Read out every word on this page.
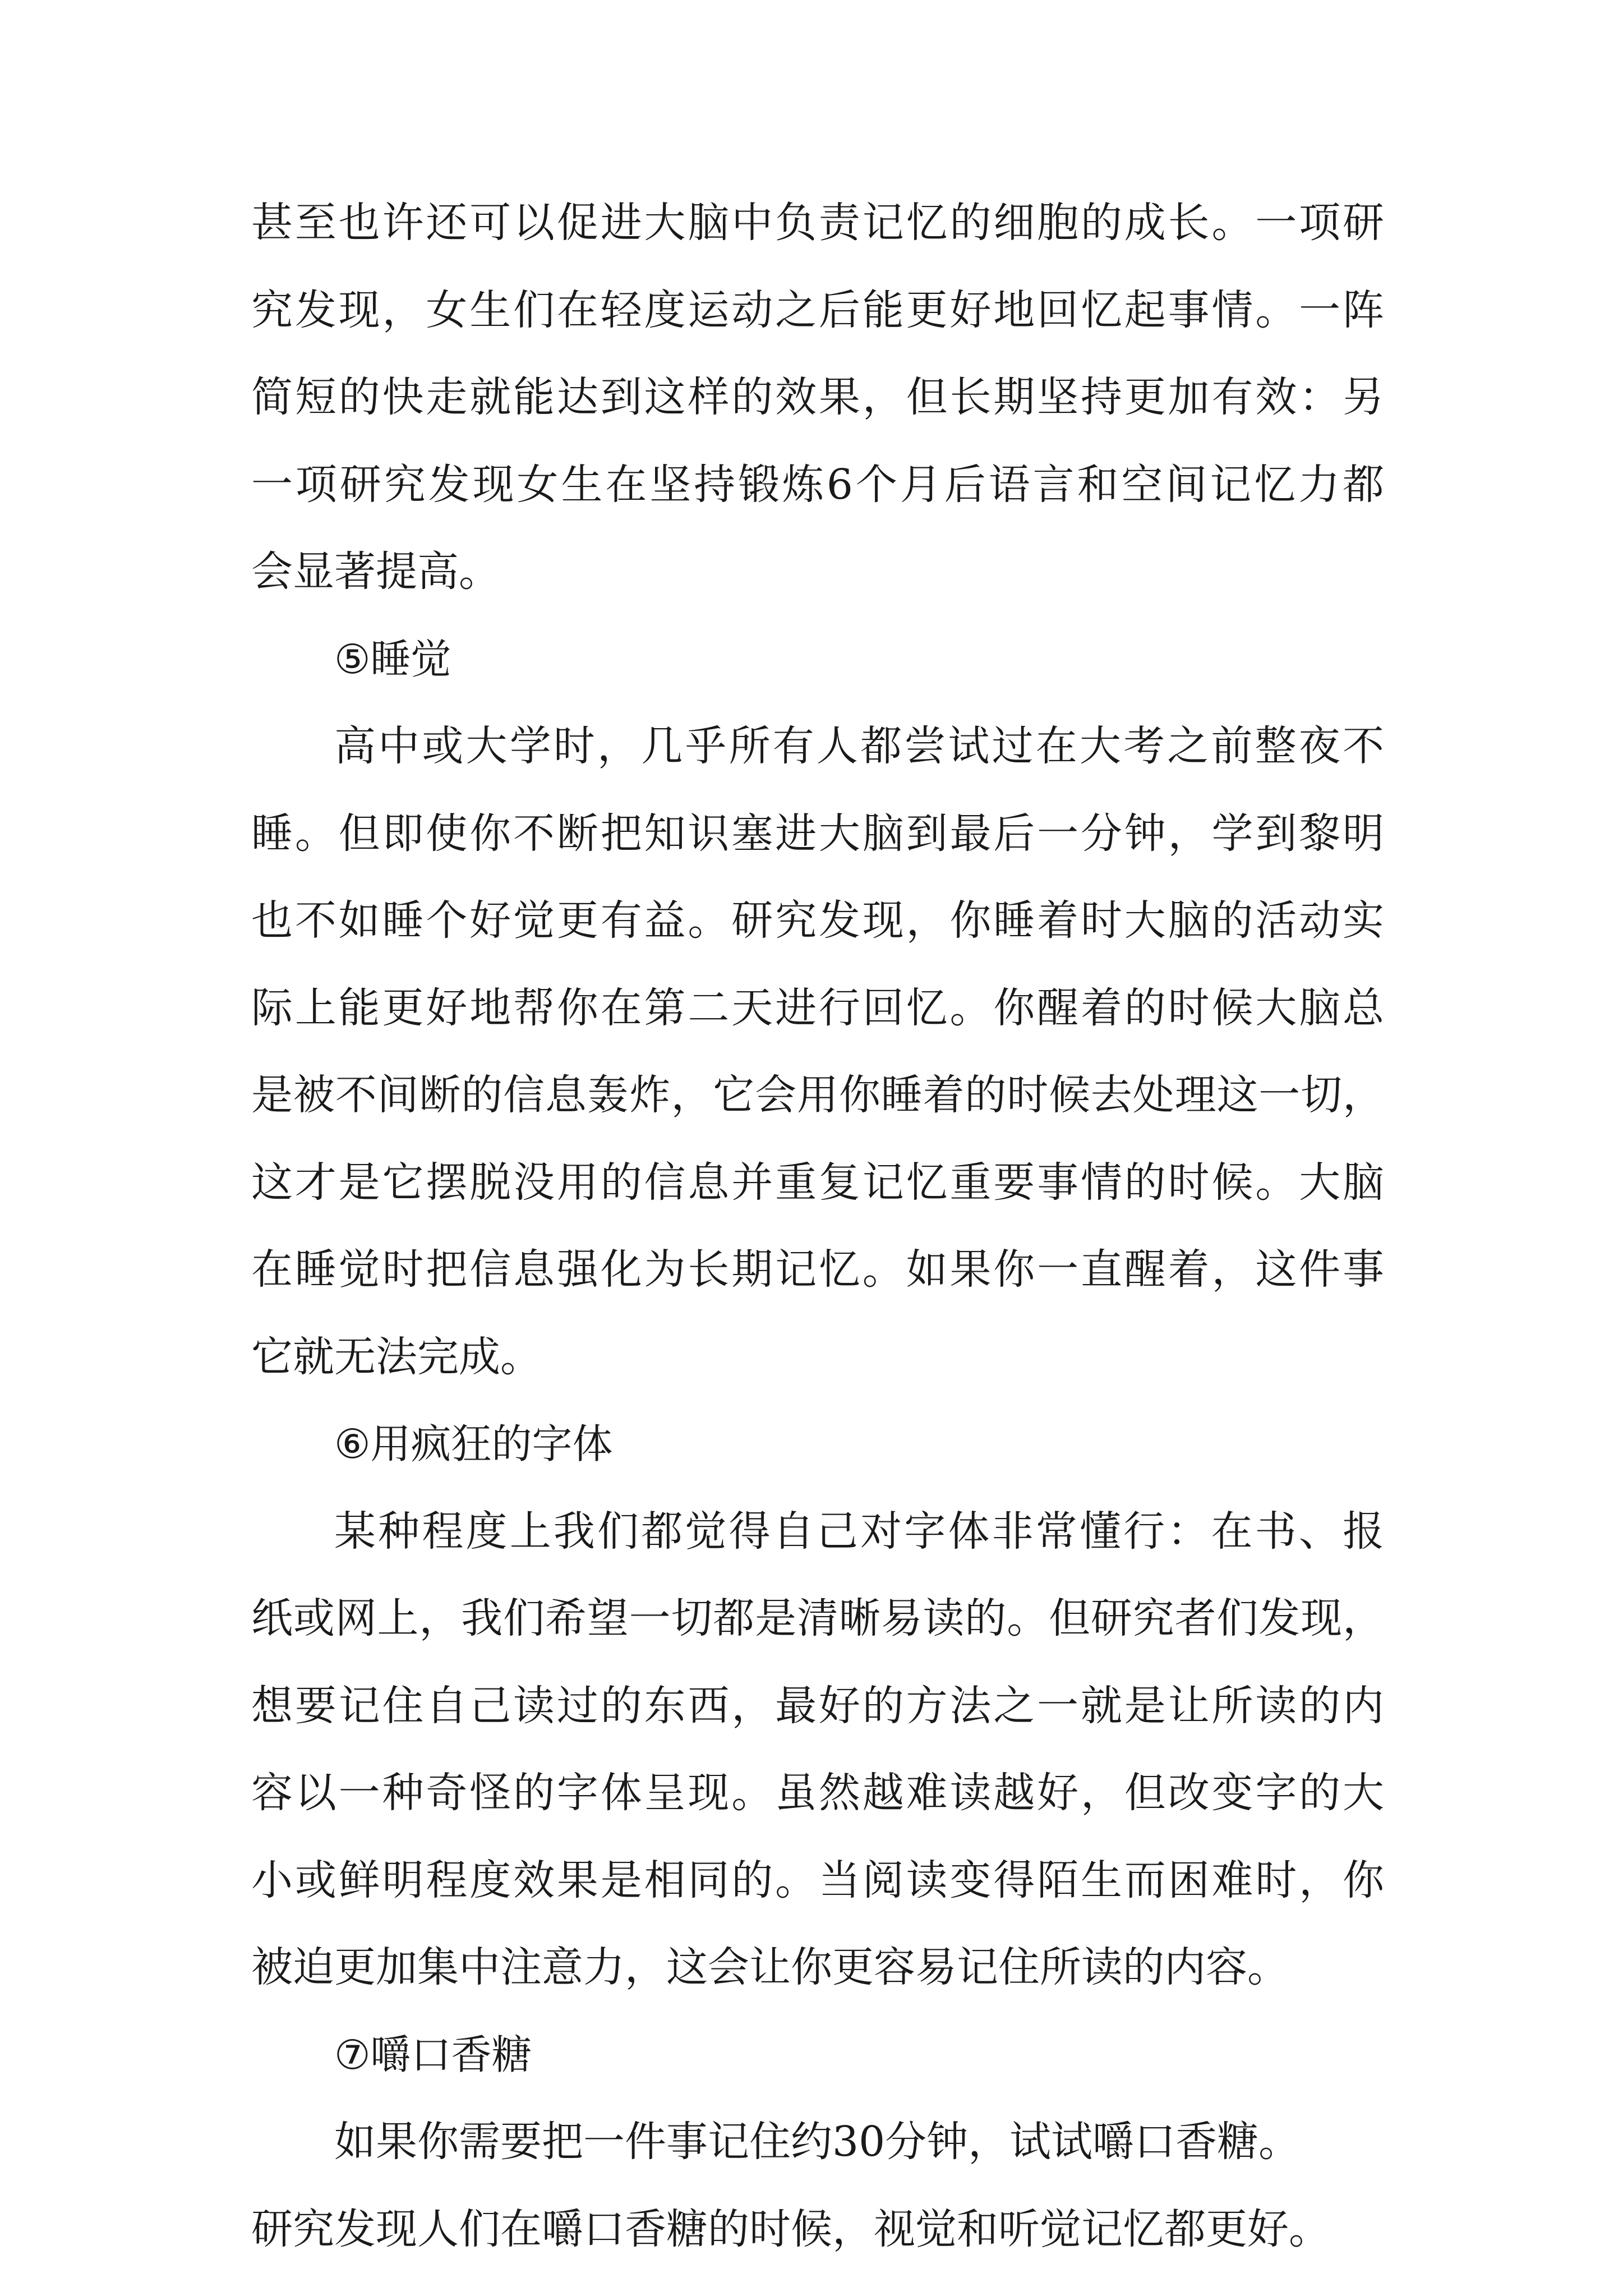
甚至也许还可以促进大脑中负责记忆的细胞的成长。一项研
究发现，女生们在轻度运动之后能更好地回忆起事情。一阵
简短的快走就能达到这样的效果，但长期坚持更加有效：另
一项研究发现女生在坚持锻炼6个月后语言和空间记忆力都
会显著提高。
⑤睡觉
高中或大学时，几乎所有人都尝试过在大考之前整夜不
睡。但即使你不断把知识塞进大脑到最后一分钟，学到黎明
也不如睡个好觉更有益。研究发现，你睡着时大脑的活动实
际上能更好地帮你在第二天进行回忆。你醒着的时候大脑总
是被不间断的信息轰炸，它会用你睡着的时候去处理这一切，
这才是它摆脱没用的信息并重复记忆重要事情的时候。大脑
在睡觉时把信息强化为长期记忆。如果你一直醒着，这件事
它就无法完成。
⑥用疯狂的字体
某种程度上我们都觉得自己对字体非常懂行：在书、报
纸或网上，我们希望一切都是清晰易读的。但研究者们发现，
想要记住自己读过的东西，最好的方法之一就是让所读的内
容以一种奇怪的字体呈现。虽然越难读越好，但改变字的大
小或鲜明程度效果是相同的。当阅读变得陌生而困难时，你
被迫更加集中注意力，这会让你更容易记住所读的内容。
⑦嚼口香糖
如果你需要把一件事记住约30分钟，试试嚼口香糖。
研究发现人们在嚼口香糖的时候，视觉和听觉记忆都更好。
